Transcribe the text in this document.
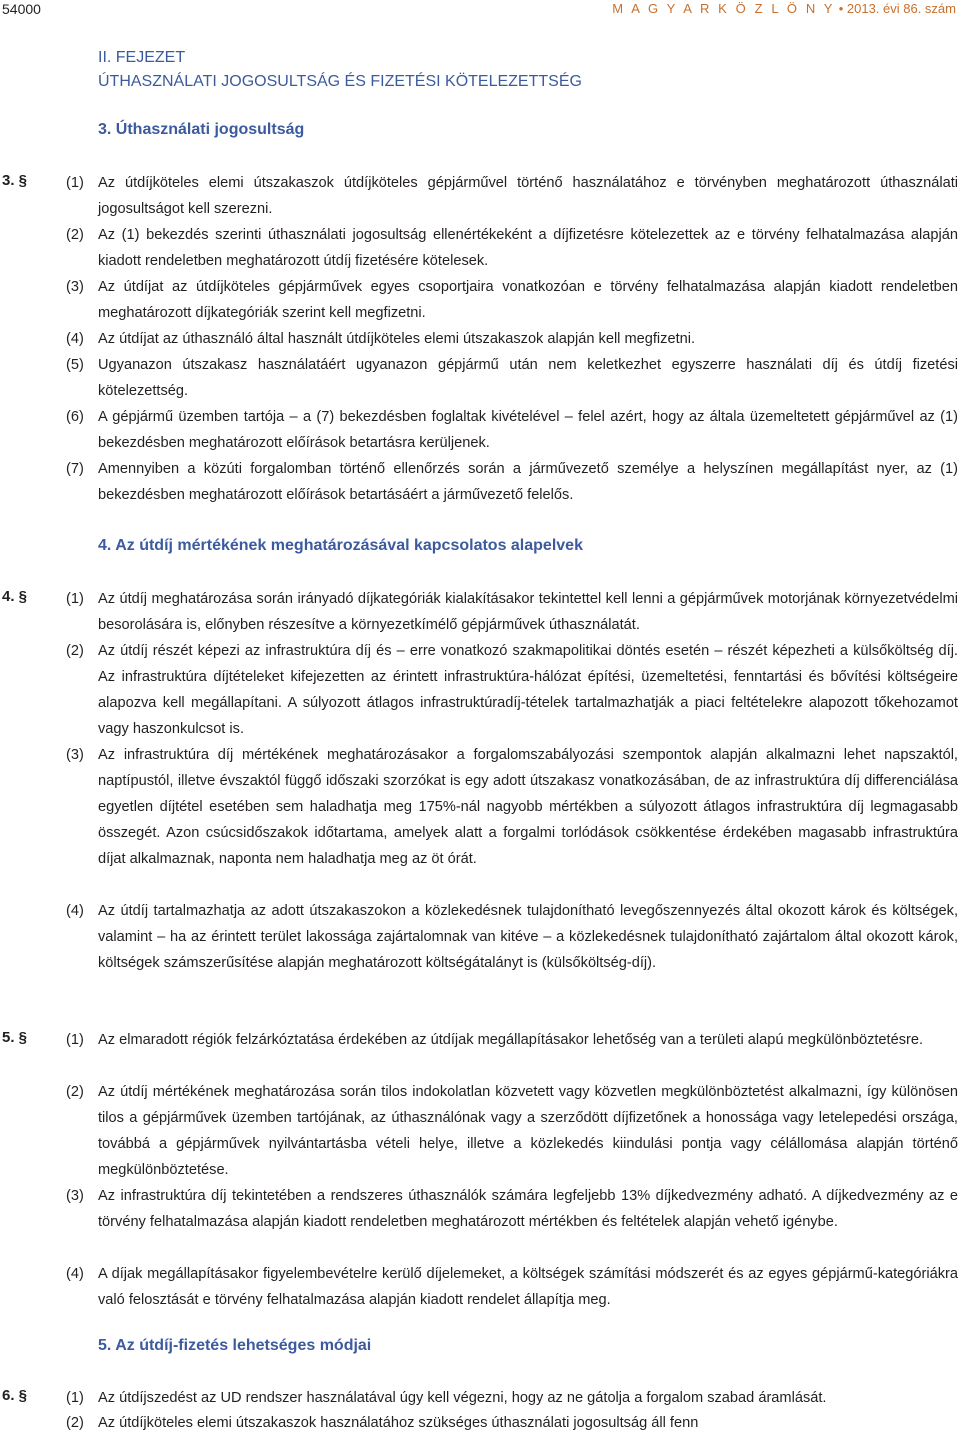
54000	M A G Y A R K Ö Z L Ö N Y • 2013. évi 86. szám
II. FEJEZET
ÚTHASZNÁLATI JOGOSULTSÁG ÉS FIZETÉSI KÖTELEZETTSÉG
3. Úthasználati jogosultság
3. §	(1) Az útdíjköteles elemi útszakaszok útdíjköteles gépjárművel történő használatához e törvényben meghatározott úthasználati jogosultságot kell szerezni.
(2) Az (1) bekezdés szerinti úthasználati jogosultság ellenértékeként a díjfizetésre kötelezettek az e törvény felhatalmazása alapján kiadott rendeletben meghatározott útdíj fizetésére kötelesek.
(3) Az útdíjat az útdíjköteles gépjárművek egyes csoportjaira vonatkozóan e törvény felhatalmazása alapján kiadott rendeletben meghatározott díjkategóriák szerint kell megfizetni.
(4) Az útdíjat az úthasználó által használt útdíjköteles elemi útszakaszok alapján kell megfizetni.
(5) Ugyanazon útszakasz használatáért ugyanazon gépjármű után nem keletkezhet egyszerre használati díj és útdíj fizetési kötelezettség.
(6) A gépjármű üzemben tartója – a (7) bekezdésben foglaltak kivételével – felel azért, hogy az általa üzemeltetett gépjárművel az (1) bekezdésben meghatározott előírások betartásra kerüljenek.
(7) Amennyiben a közúti forgalomban történő ellenőrzés során a járművezető személye a helyszínen megállapítást nyer, az (1) bekezdésben meghatározott előírások betartásáért a járművezető felelős.
4. Az útdíj mértékének meghatározásával kapcsolatos alapelvek
4. §	(1) Az útdíj meghatározása során irányadó díjkategóriák kialakításakor tekintettel kell lenni a gépjárművek motorjának környezetvédelmi besorolására is, előnyben részesítve a környezetkímélő gépjárművek úthasználatát.
(2) Az útdíj részét képezi az infrastruktúra díj és – erre vonatkozó szakmapolitikai döntés esetén – részét képezheti a külsőköltség díj. Az infrastruktúra díjtételeket kifejezetten az érintett infrastruktúra-hálózat építési, üzemeltetési, fenntartási és bővítési költségeire alapozva kell megállapítani. A súlyozott átlagos infrastruktúradíj-tételek tartalmazhatják a piaci feltételekre alapozott tőkehozamot vagy haszonkulcsot is.
(3) Az infrastruktúra díj mértékének meghatározásakor a forgalomszabályozási szempontok alapján alkalmazni lehet napszaktól, naptípustól, illetve évszaktól függő időszaki szorzókat is egy adott útszakasz vonatkozásában, de az infrastruktúra díj differenciálása egyetlen díjtétel esetében sem haladhatja meg 175%-nál nagyobb mértékben a súlyozott átlagos infrastruktúra díj legmagasabb összegét. Azon csúcsidőszakok időtartama, amelyek alatt a forgalmi torlódások csökkentése érdekében magasabb infrastruktúra díjat alkalmaznak, naponta nem haladhatja meg az öt órát.
(4) Az útdíj tartalmazhatja az adott útszakaszokon a közlekedésnek tulajdonítható levegőszennyezés által okozott károk és költségek, valamint – ha az érintett terület lakossága zajártalomnak van kitéve – a közlekedésnek tulajdonítható zajártalom által okozott károk, költségek számszerűsítése alapján meghatározott költségátalányt is (külsőköltség-díj).
5. §	(1) Az elmaradott régiók felzárkóztatása érdekében az útdíjak megállapításakor lehetőség van a területi alapú megkülönböztetésre.
(2) Az útdíj mértékének meghatározása során tilos indokolatlan közvetett vagy közvetlen megkülönböztetést alkalmazni, így különösen tilos a gépjárművek üzemben tartójának, az úthasználónak vagy a szerződött díjfizetőnek a honossága vagy letelepedési országa, továbbá a gépjárművek nyilvántartásba vételi helye, illetve a közlekedés kiindulási pontja vagy célállomása alapján történő megkülönböztetése.
(3) Az infrastruktúra díj tekintetében a rendszeres úthasználók számára legfeljebb 13% díjkedvezmény adható. A díjkedvezmény az e törvény felhatalmazása alapján kiadott rendeletben meghatározott mértékben és feltételek alapján vehető igénybe.
(4) A díjak megállapításakor figyelembevételre kerülő díjelemeket, a költségek számítási módszerét és az egyes gépjármű-kategóriákra való felosztását e törvény felhatalmazása alapján kiadott rendelet állapítja meg.
5. Az útdíj-fizetés lehetséges módjai
6. §	(1) Az útdíjszedést az UD rendszer használatával úgy kell végezni, hogy az ne gátolja a forgalom szabad áramlását.
(2) Az útdíjköteles elemi útszakaszok használatához szükséges úthasználati jogosultság áll fenn
